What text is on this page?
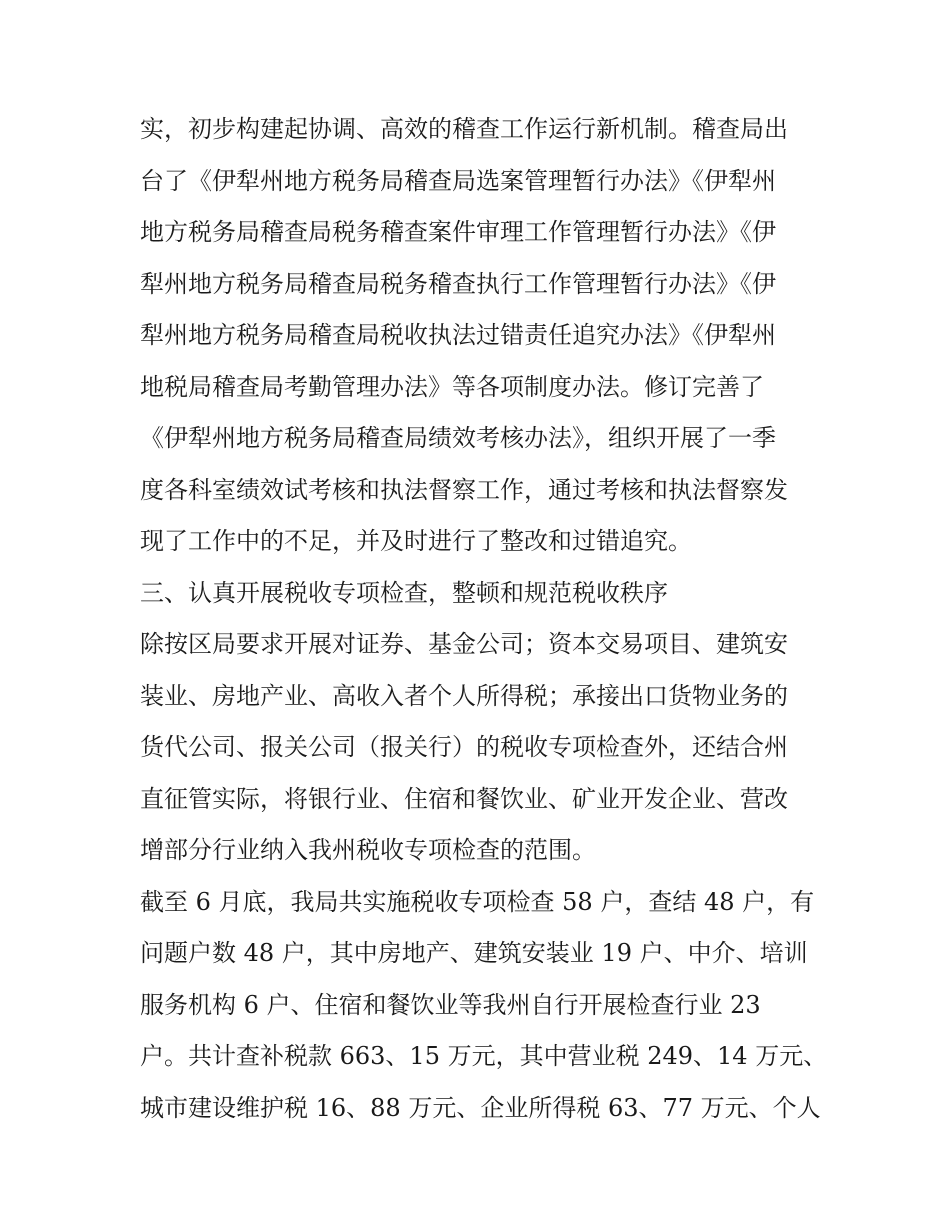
实，初步构建起协调、高效的稽查工作运行新机制。稽查局出
台了《伊犁州地方税务局稽查局选案管理暂行办法》《伊犁州
地方税务局稽查局税务稽查案件审理工作管理暂行办法》《伊
犁州地方税务局稽查局税务稽查执行工作管理暂行办法》《伊
犁州地方税务局稽查局税收执法过错责任追究办法》《伊犁州
地税局稽查局考勤管理办法》等各项制度办法。修订完善了
《伊犁州地方税务局稽查局绩效考核办法》，组织开展了一季
度各科室绩效试考核和执法督察工作，通过考核和执法督察发
现了工作中的不足，并及时进行了整改和过错追究。
三、认真开展税收专项检查，整顿和规范税收秩序
除按区局要求开展对证券、基金公司；资本交易项目、建筑安
装业、房地产业、高收入者个人所得税；承接出口货物业务的
货代公司、报关公司（报关行）的税收专项检查外，还结合州
直征管实际，将银行业、住宿和餐饮业、矿业开发企业、营改
增部分行业纳入我州税收专项检查的范围。
截至 6 月底，我局共实施税收专项检查 58 户，查结 48 户，有
问题户数 48 户，其中房地产、建筑安装业 19 户、中介、培训
服务机构 6 户、住宿和餐饮业等我州自行开展检查行业 23
户。共计查补税款 663、15 万元，其中营业税 249、14 万元、
城市建设维护税 16、88 万元、企业所得税 63、77 万元、个人
